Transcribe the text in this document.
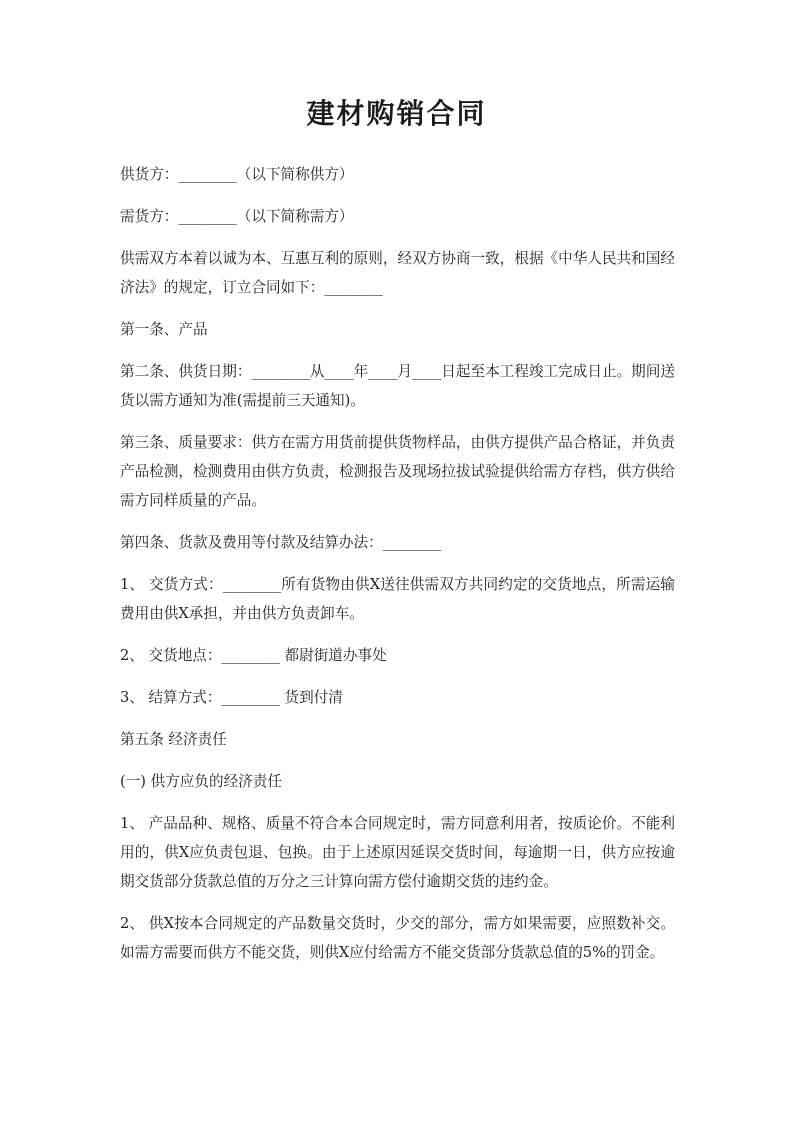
建材购销合同

供货方：________（以下简称供方）

需货方：________（以下简称需方）

供需双方本着以诚为本、互惠互利的原则，经双方协商一致，根据《中华人民共和国经济法》的规定，订立合同如下：________

第一条、产品

第二条、供货日期：________从____年____月____日起至本工程竣工完成日止。期间送货以需方通知为准(需提前三天通知)。

第三条、质量要求：供方在需方用货前提供货物样品，由供方提供产品合格证，并负责产品检测，检测费用由供方负责，检测报告及现场拉拔试验提供给需方存档，供方供给需方同样质量的产品。

第四条、货款及费用等付款及结算办法：________

1、 交货方式：________所有货物由供X送往供需双方共同约定的交货地点，所需运输费用由供X承担，并由供方负责卸车。

2、 交货地点：________ 都尉街道办事处

3、 结算方式：________ 货到付清

第五条 经济责任

(一) 供方应负的经济责任

1、 产品品种、规格、质量不符合本合同规定时，需方同意利用者，按质论价。不能利用的，供X应负责包退、包换。由于上述原因延误交货时间，每逾期一日，供方应按逾期交货部分货款总值的万分之三计算向需方偿付逾期交货的违约金。

2、 供X按本合同规定的产品数量交货时，少交的部分，需方如果需要，应照数补交。如需方需要而供方不能交货，则供X应付给需方不能交货部分货款总值的5%的罚金。
